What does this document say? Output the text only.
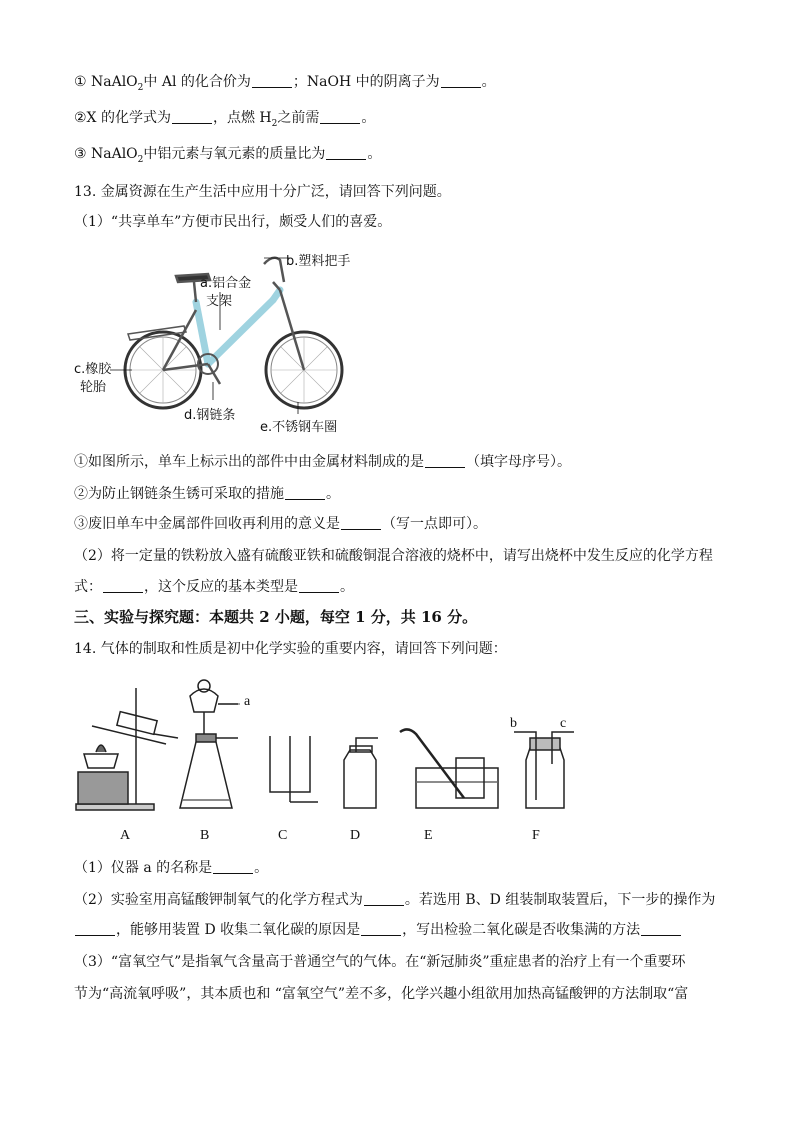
① NaAlO$_2$中 Al 的化合价为	；NaOH 中的阴离子为	。
②X 的化学式为	，点燃 $H_2$之前需	。
③ NaAlO$_2$中铝元素与氧元素的质量比为	。
13. 金属资源在生产生活中应用十分广泛，请回答下列问题。
（1）“共享单车”方便市民出行，颇受人们的喜爱。
b.塑料把手
a.铝合金
支架
c.橡胶
轮胎
d.钢链条
e.不锈钢车圈
①如图所示，单车上标示出的部件中由金属材料制成的是	（填字母序号）。
②为防止钢链条生锈可采取的措施	。
③废旧单车中金属部件回收再利用的意义是	（写一点即可）。
（2）将一定量的铁粉放入盛有硫酸亚铁和硫酸铜混合溶液的烧杯中，请写出烧杯中发生反应的化学方程
式：	，这个反应的基本类型是	。
三、实验与探究题：本题共 2 小题，每空 1 分，共 16 分。
14. 气体的制取和性质是初中化学实验的重要内容，请回答下列问题：
a
b	c
A	B	C	D	E	F
（1）仪器 a 的名称是	。
（2）实验室用高锰酸钾制氧气的化学方程式为	。若选用 B、D 组装制取装置后，下一步的操作为
，能够用装置 D 收集二氧化碳的原因是	，写出检验二氧化碳是否收集满的方法
（3）“富氧空气”是指氧气含量高于普通空气的气体。在“新冠肺炎”重症患者的治疗上有一个重要环
节为“高流氧呼吸”，其本质也和 “富氧空气”差不多，化学兴趣小组欲用加热高锰酸钾的方法制取“富
